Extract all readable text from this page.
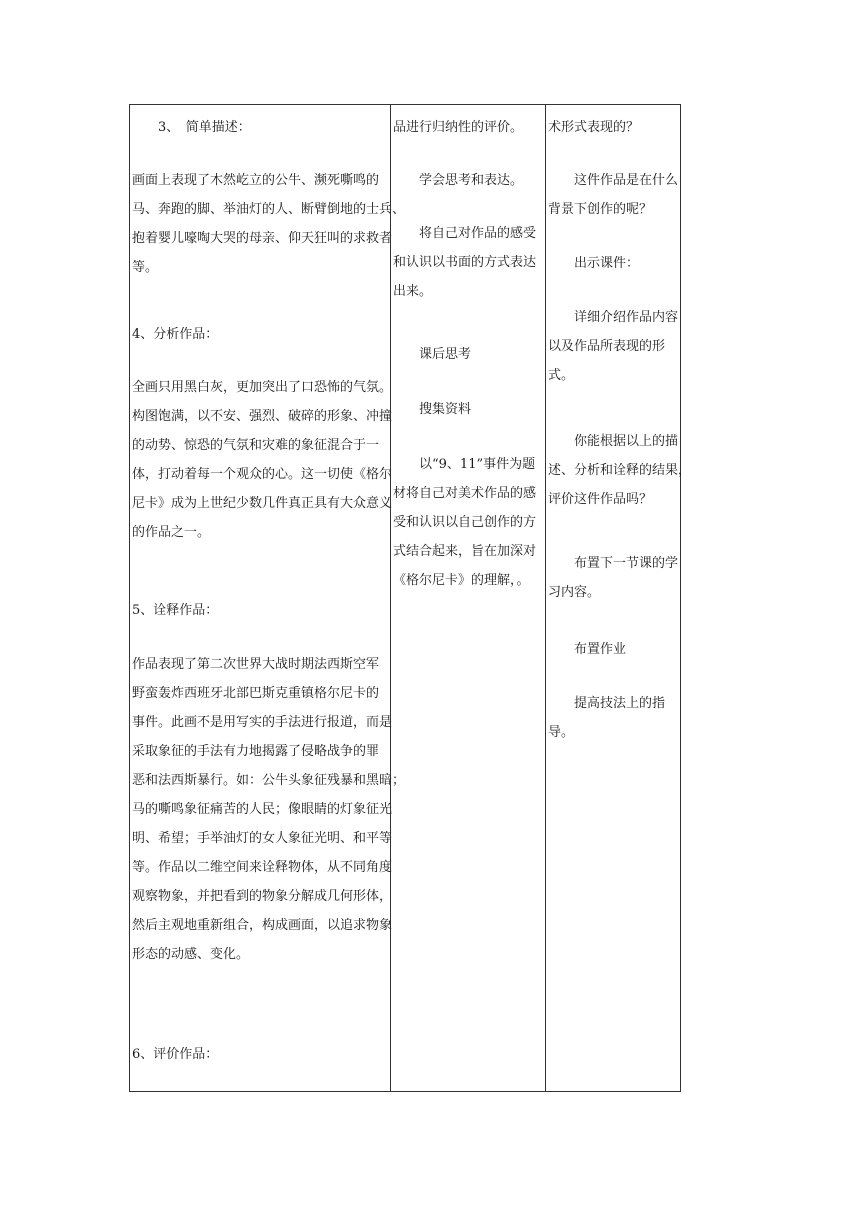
　　3、　简单描述：
画面上表现了木然屹立的公牛、濒死嘶鸣的
马、奔跑的脚、举油灯的人、断臂倒地的士兵、
抱着婴儿嚎啕大哭的母亲、仰天狂叫的求救者
等。
4、分析作品：
全画只用黑白灰，更加突出了口恐怖的气氛。
构图饱满，以不安、强烈、破碎的形象、冲撞
的动势、惊恐的气氛和灾难的象征混合于一
体，打动着每一个观众的心。这一切使《格尔
尼卡》成为上世纪少数几件真正具有大众意义
的作品之一。
5、诠释作品：
作品表现了第二次世界大战时期法西斯空军
野蛮轰炸西班牙北部巴斯克重镇格尔尼卡的
事件。此画不是用写实的手法进行报道，而是
采取象征的手法有力地揭露了侵略战争的罪
恶和法西斯暴行。如：公牛头象征残暴和黑暗；
马的嘶鸣象征痛苦的人民；像眼睛的灯象征光
明、希望；手举油灯的女人象征光明、和平等
等。作品以二维空间来诠释物体，从不同角度
观察物象，并把看到的物象分解成几何形体，
然后主观地重新组合，构成画面，以追求物象
形态的动感、变化。
6、评价作品：
品进行归纳性的评价。
　　学会思考和表达。
　　将自己对作品的感受
和认识以书面的方式表达
出来。
　　课后思考
　　搜集资料
　　以“9、11”事件为题
材将自己对美术作品的感
受和认识以自己创作的方
式结合起来，旨在加深对
《格尔尼卡》的理解，。
术形式表现的？
　　这件作品是在什么
背景下创作的呢？
　　出示课件：
　　详细介绍作品内容
以及作品所表现的形
式。
　　你能根据以上的描
述、分析和诠释的结果，
评价这件作品吗？
　　布置下一节课的学
习内容。
　　布置作业
　　提高技法上的指
导。
